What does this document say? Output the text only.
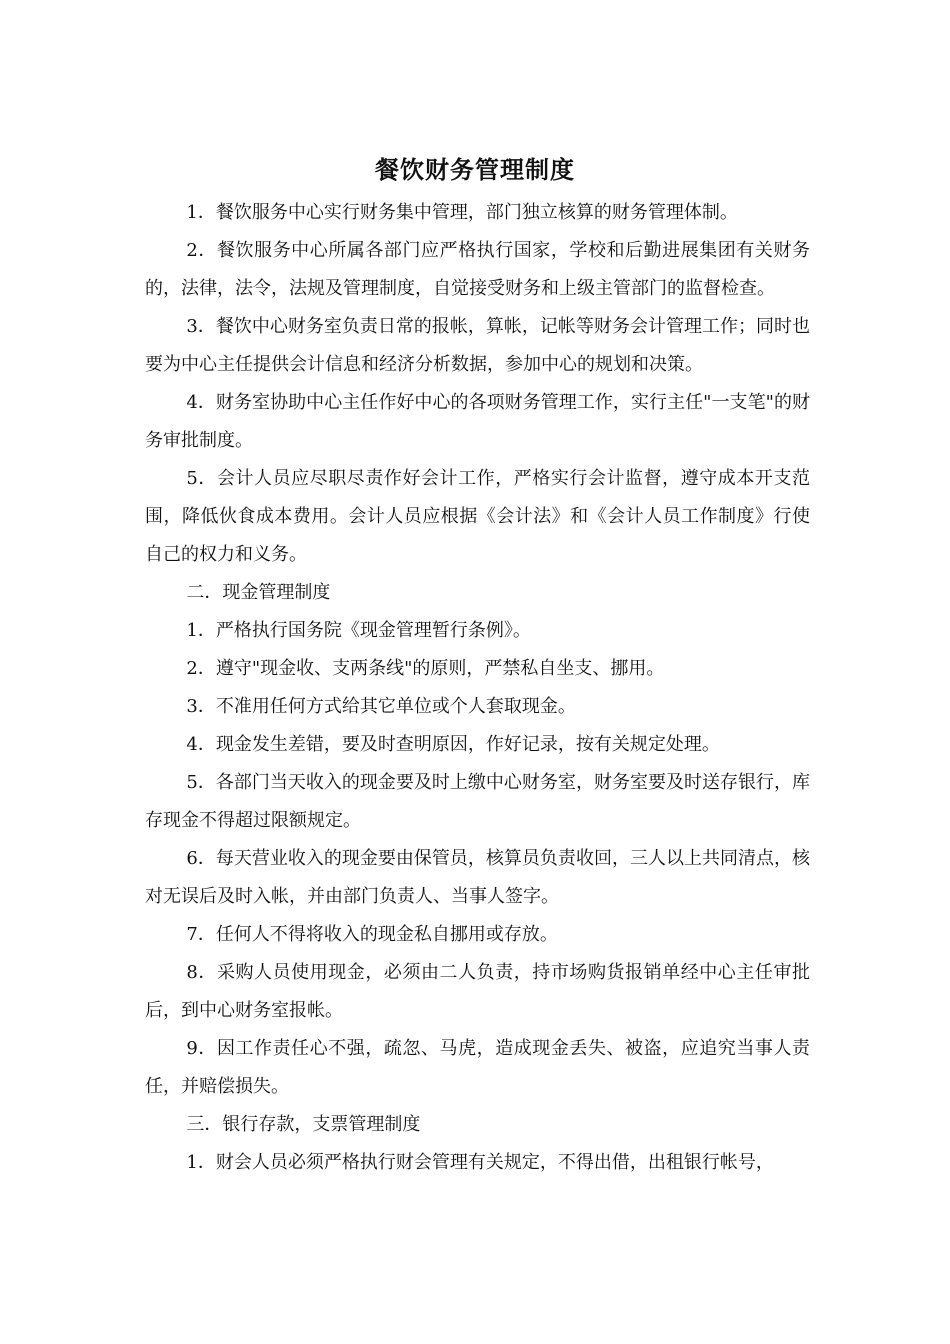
餐饮财务管理制度

1．餐饮服务中心实行财务集中管理，部门独立核算的财务管理体制。

2．餐饮服务中心所属各部门应严格执行国家，学校和后勤进展集团有关财务的，法律，法令，法规及管理制度，自觉接受财务和上级主管部门的监督检查。

3．餐饮中心财务室负责日常的报帐，算帐，记帐等财务会计管理工作；同时也要为中心主任提供会计信息和经济分析数据，参加中心的规划和决策。

4．财务室协助中心主任作好中心的各项财务管理工作，实行主任"一支笔"的财务审批制度。

5．会计人员应尽职尽责作好会计工作，严格实行会计监督，遵守成本开支范围，降低伙食成本费用。会计人员应根据《会计法》和《会计人员工作制度》行使自己的权力和义务。

二．现金管理制度

1．严格执行国务院《现金管理暂行条例》。

2．遵守"现金收、支两条线"的原则，严禁私自坐支、挪用。

3．不准用任何方式给其它单位或个人套取现金。

4．现金发生差错，要及时查明原因，作好记录，按有关规定处理。

5．各部门当天收入的现金要及时上缴中心财务室，财务室要及时送存银行，库存现金不得超过限额规定。

6．每天营业收入的现金要由保管员，核算员负责收回，三人以上共同清点，核对无误后及时入帐，并由部门负责人、当事人签字。

7．任何人不得将收入的现金私自挪用或存放。

8．采购人员使用现金，必须由二人负责，持市场购货报销单经中心主任审批后，到中心财务室报帐。

9．因工作责任心不强，疏忽、马虎，造成现金丢失、被盗，应追究当事人责任，并赔偿损失。

三．银行存款，支票管理制度

1．财会人员必须严格执行财会管理有关规定，不得出借，出租银行帐号，
